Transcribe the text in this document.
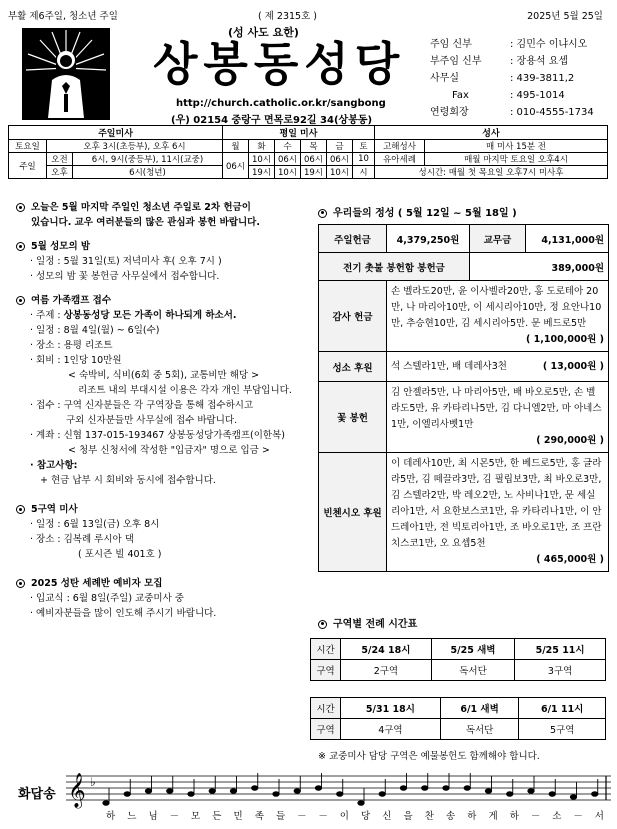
부활 제6주일, 청소년 주일	( 제 2315호 )	2025년 5월 25일
(성 사도 요한)
상봉동성당
http://church.catholic.or.kr/sangbong
(우) 02154 중랑구 면목로92길 34(상봉동)
주임 신부	: 김민수 이냐시오
부주임 신부	: 장용석 요셉
사무실	: 439-3811,2
Fax	: 495-1014
연령회장	: 010-4555-1734
주일미사			평일 미사						성사	
토요일	오후 3시(초등부), 오후 6시		월	화	수	목	금	토	고해성사	매 미사 15분 전
주일	오전	6시, 9시(중등부), 11시(교중)	06시	10시	06시	06시	06시	10	유아세례	매월 마지막 토요일 오후4시
	오후	6시(청년)		19시	10시	19시	10시	시	성시간: 매월 첫 목요일 오후7시 미사후	
오늘은 5월 마지막 주일인 청소년 주일로 2차 헌금이
있습니다. 교우 여러분들의 많은 관심과 봉헌 바랍니다.
5월 성모의 밤
· 일정 : 5월 31일(토) 저녁미사 후( 오후 7시 )
· 성모의 밤 꽃 봉헌금 사무실에서 접수합니다.
여름 가족캠프 접수
· 주제 : 상봉동성당 모든 가족이 하나되게 하소서.
· 일정 : 8월 4일(월) ~ 6일(수)
· 장소 : 용평 리조트
· 회비 : 1인당 10만원
< 숙박비, 식비(6회 중 5회), 교통비만 해당 >
리조트 내의 부대시설 이용은 각자 개인 부담입니다.
· 접수 : 구역 신자분들은 각 구역장을 통해 접수하시고
구외 신자분들만 사무실에 접수 바랍니다.
· 계좌 : 신협 137-015-193467 상봉동성당가족캠프(이한복)
< 청부 신청서에 작성한 "입금자" 명으로 입금 >
· 참고사항:
+ 현금 납부 시 회비와 동시에 접수합니다.
5구역 미사
· 일정 : 6월 13일(금) 오후 8시
· 장소 : 김복례 루시아 댁
( 포시즌 빌 401호 )
2025 성탄 세례반 예비자 모집
· 입교식 : 6월 8일(주일) 교중미사 중
· 예비자분들을 많이 인도해 주시기 바랍니다.
우리들의 정성 ( 5월 12일 ~ 5월 18일 )
주일헌금	4,379,250원	교무금	4,131,000원
전기 촛불 봉헌함 봉헌금		389,000원	
감사 헌금	손 벨라도20만, 윤 이사벨라20만, 홍 도로테아 20만, 나 마리아10만, 이 세시리아10만, 정 요안나10만, 추승현10만, 김 세시리아5만. 문 베드로5만
( 1,100,000원 )		

성소 후원	석 스텔라1만, 배 데레사3천 ( 13,000원 )		

꽃 봉헌	김 안젤라5만, 나 마리아5만, 배 바오로5만, 손 벨라도5만, 유 카타리나5만, 김 다니엘2만, 마 아네스1만, 이엘리사벳1만
( 290,000원 )		

빈첸시오 후원	이 데레사10만, 최 시몬5만, 한 베드로5만, 홍 글라라5만, 김 떼끌라3만, 김 필립보3만, 최 바오로3만, 김 스텔라2만, 박 레오2만, 노 사비나1만, 문 세실리아1만, 서 요한보스코1만, 유 카타리나1만, 이 안드레아1만, 전 빅토리아1만, 조 바오로1만, 조 프란치스코1만, 오 요셉5천
( 465,000원 )		
구역별 전례 시간표
시간	5/24 18시	5/25 새벽	5/25 11시
구역	2구역	독서단	3구역
시간	5/31 18시	6/1 새벽	6/1 11시
구역	4구역	독서단	5구역
※ 교중미사 담당 구역은 예물봉헌도 함께해야 합니다.
화답송 𝄞 ♭
하	느	님	－	모	든	민	족	들	－	－	이	당	신	을	찬	송	하	게	하	－	소	－	서
